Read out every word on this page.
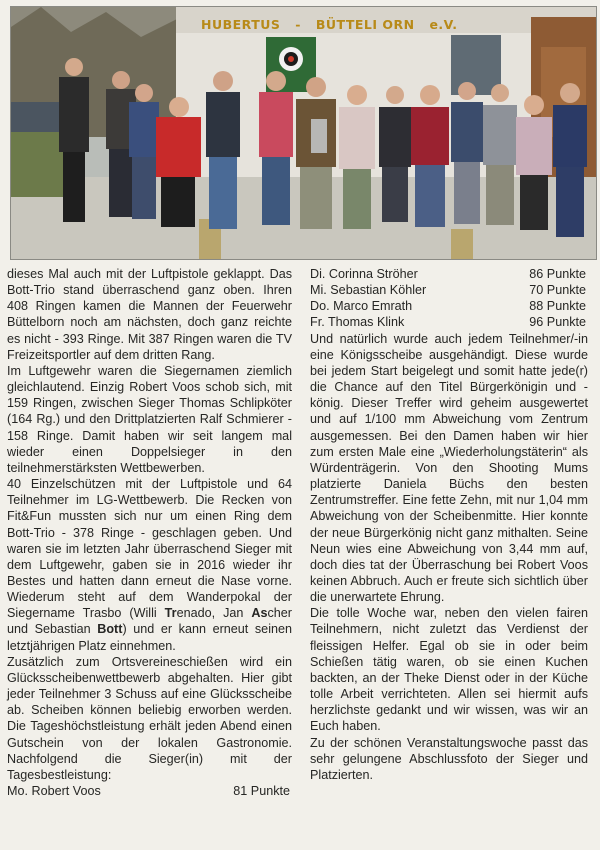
HUBERTUS - BÜTTELI ORN e.V.

dieses Mal auch mit der Luftpistole geklappt. Das Bott-Trio stand überraschend ganz oben. Ihren 408 Ringen kamen die Mannen der Feuerwehr Büttelborn noch am nächsten, doch ganz reichte es nicht - 393 Ringe. Mit 387 Ringen waren die TV Freizeitsportler auf dem dritten Rang.

Im Luftgewehr waren die Siegernamen ziemlich gleichlautend. Einzig Robert Voos schob sich, mit 159 Ringen, zwischen Sieger Thomas Schlipköter (164 Rg.) und den Drittplatzierten Ralf Schmierer - 158 Ringe. Damit haben wir seit langem mal wieder einen Doppelsieger in den teilnehmerstärksten Wettbewerben.

40 Einzelschützen mit der Luftpistole und 64 Teilnehmer im LG-Wettbewerb. Die Recken von Fit&Fun mussten sich nur um einen Ring dem Bott-Trio - 378 Ringe - geschlagen geben. Und waren sie im letzten Jahr überraschend Sieger mit dem Luftgewehr, gaben sie in 2016 wieder ihr Bestes und hatten dann erneut die Nase vorne. Wiederum steht auf dem Wanderpokal der Siegername Trasbo (Willi Trenado, Jan Ascher und Sebastian Bott) und er kann erneut seinen letztjährigen Platz einnehmen.

Zusätzlich zum Ortsvereineschießen wird ein Glücksscheibenwettbewerb abgehalten. Hier gibt jeder Teilnehmer 3 Schuss auf eine Glücksscheibe ab. Scheiben können beliebig erworben werden. Die Tageshöchstleistung erhält jeden Abend einen Gutschein von der lokalen Gastronomie. Nachfolgend die Sieger(in) mit der Tagesbestleistung:

Mo. Robert Voos	81 Punkte
Di. Corinna Ströher	86 Punkte
Mi. Sebastian Köhler	70 Punkte
Do. Marco Emrath	88 Punkte
Fr. Thomas Klink	96 Punkte

Und natürlich wurde auch jedem Teilnehmer/-in eine Königsscheibe ausgehändigt. Diese wurde bei jedem Start beigelegt und somit hatte jede(r) die Chance auf den Titel Bürgerkönigin und -könig. Dieser Treffer wird geheim ausgewertet und auf 1/100 mm Abweichung vom Zentrum ausgemessen. Bei den Damen haben wir hier zum ersten Male eine „Wiederholungstäterin“ als Würdenträgerin. Von den Shooting Mums platzierte Daniela Büchs den besten Zentrumstreffer. Eine fette Zehn, mit nur 1,04 mm Abweichung von der Scheibenmitte. Hier konnte der neue Bürgerkönig nicht ganz mithalten. Seine Neun wies eine Abweichung von 3,44 mm auf, doch dies tat der Überraschung bei Robert Voos keinen Abbruch. Auch er freute sich sichtlich über die unerwartete Ehrung.

Die tolle Woche war, neben den vielen fairen Teilnehmern, nicht zuletzt das Verdienst der fleissigen Helfer. Egal ob sie in oder beim Schießen tätig waren, ob sie einen Kuchen backten, an der Theke Dienst oder in der Küche tolle Arbeit verrichteten. Allen sei hiermit aufs herzlichste gedankt und wir wissen, was wir an Euch haben.

Zu der schönen Veranstaltungswoche passt das sehr gelungene Abschlussfoto der Sieger und Platzierten.
